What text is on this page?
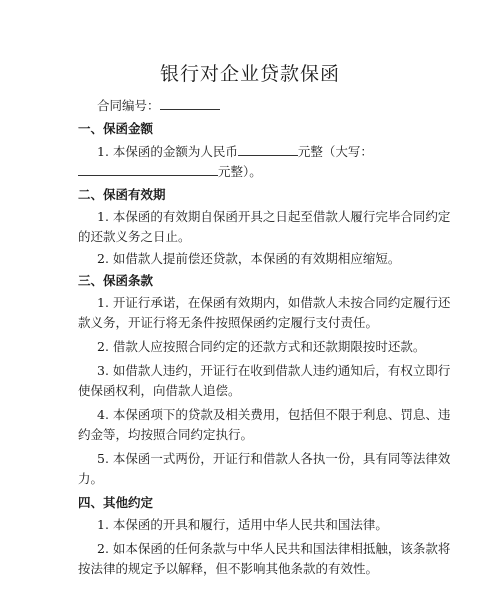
银行对企业贷款保函
合同编号：
一、保函金额
1. 本保函的金额为人民币	元整（大写：
元整）。
二、保函有效期
1. 本保函的有效期自保函开具之日起至借款人履行完毕合同约定
的还款义务之日止。
2. 如借款人提前偿还贷款，本保函的有效期相应缩短。
三、保函条款
1. 开证行承诺，在保函有效期内，如借款人未按合同约定履行还
款义务，开证行将无条件按照保函约定履行支付责任。
2. 借款人应按照合同约定的还款方式和还款期限按时还款。
3. 如借款人违约，开证行在收到借款人违约通知后，有权立即行
使保函权利，向借款人追偿。
4. 本保函项下的贷款及相关费用，包括但不限于利息、罚息、违
约金等，均按照合同约定执行。
5. 本保函一式两份，开证行和借款人各执一份，具有同等法律效
力。
四、其他约定
1. 本保函的开具和履行，适用中华人民共和国法律。
2. 如本保函的任何条款与中华人民共和国法律相抵触，该条款将
按法律的规定予以解释，但不影响其他条款的有效性。
